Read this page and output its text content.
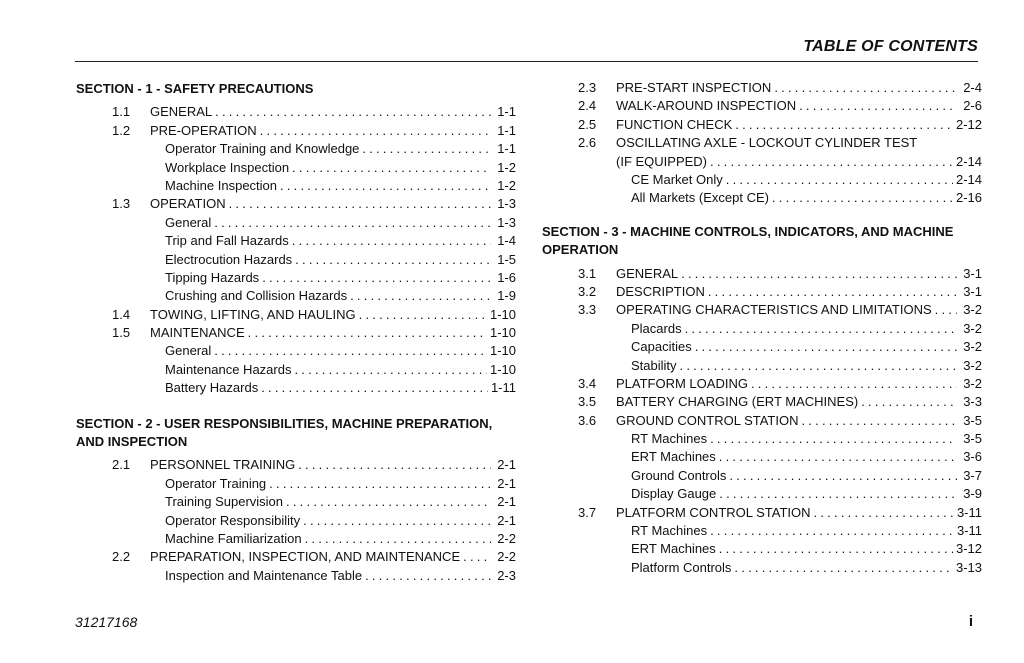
TABLE OF CONTENTS
SECTION - 1 - SAFETY PRECAUTIONS
1.1	GENERAL . . .	1-1
1.2	PRE-OPERATION . . .	1-1
Operator Training and Knowledge . . .	1-1
Workplace Inspection . . .	1-2
Machine Inspection . . .	1-2
1.3	OPERATION . . .	1-3
General . . .	1-3
Trip and Fall Hazards . . .	1-4
Electrocution Hazards . . .	1-5
Tipping Hazards . . .	1-6
Crushing and Collision Hazards . . .	1-9
1.4	TOWING, LIFTING, AND HAULING . . .	1-10
1.5	MAINTENANCE . . .	1-10
General . . .	1-10
Maintenance Hazards . . .	1-10
Battery Hazards . . .	1-11
SECTION - 2 - USER RESPONSIBILITIES, MACHINE PREPARATION, AND INSPECTION
2.1	PERSONNEL TRAINING . . .	2-1
Operator Training . . .	2-1
Training Supervision . . .	2-1
Operator Responsibility . . .	2-1
Machine Familiarization . . .	2-2
2.2	PREPARATION, INSPECTION, AND MAINTENANCE . . .	2-2
Inspection and Maintenance Table . . .	2-3
2.3	PRE-START INSPECTION . . .	2-4
2.4	WALK-AROUND INSPECTION . . .	2-6
2.5	FUNCTION CHECK . . .	2-12
2.6	OSCILLATING AXLE - LOCKOUT CYLINDER TEST
(IF EQUIPPED) . . .	2-14
CE Market Only . . .	2-14
All Markets (Except CE) . . .	2-16
SECTION - 3 - MACHINE CONTROLS, INDICATORS, AND MACHINE OPERATION
3.1	GENERAL . . .	3-1
3.2	DESCRIPTION . . .	3-1
3.3	OPERATING CHARACTERISTICS AND LIMITATIONS . . . 3-2
Placards . . .	3-2
Capacities . . .	3-2
Stability . . .	3-2
3.4	PLATFORM LOADING . . .	3-2
3.5	BATTERY CHARGING (ERT MACHINES) . . .	3-3
3.6	GROUND CONTROL STATION . . .	3-5
RT Machines . . .	3-5
ERT Machines . . .	3-6
Ground Controls . . .	3-7
Display Gauge . . .	3-9
3.7	PLATFORM CONTROL STATION . . .	3-11
RT Machines . . .	3-11
ERT Machines . . .	3-12
Platform Controls . . .	3-13
31217168	i
